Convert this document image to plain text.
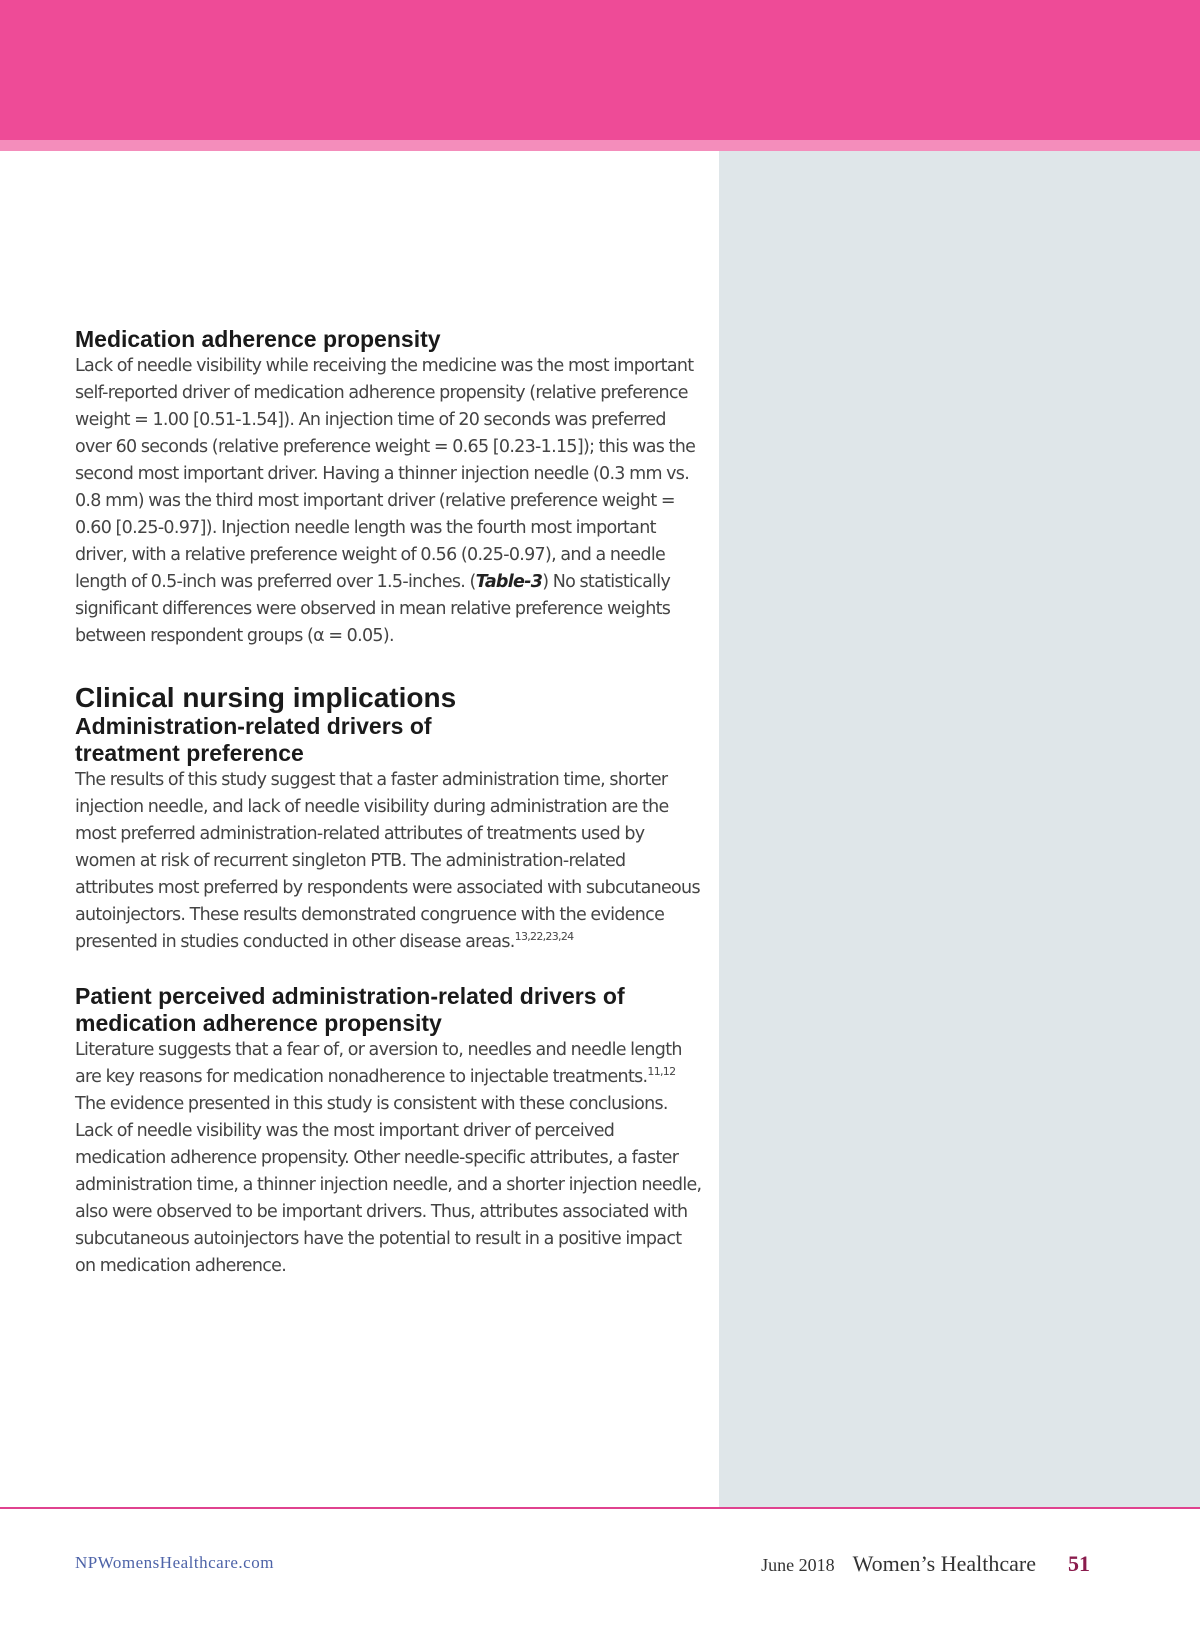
Medication adherence propensity

Lack of needle visibility while receiving the medicine was the most important self-reported driver of medication adherence propensity (relative preference weight = 1.00 [0.51-1.54]). An injection time of 20 seconds was preferred over 60 seconds (relative preference weight = 0.65 [0.23-1.15]); this was the second most important driver. Having a thinner injection needle (0.3 mm vs. 0.8 mm) was the third most important driver (relative preference weight = 0.60 [0.25-0.97]). Injection needle length was the fourth most important driver, with a relative preference weight of 0.56 (0.25-0.97), and a needle length of 0.5-inch was preferred over 1.5-inches. (Table-3) No statistically significant differences were observed in mean relative preference weights between respondent groups (α = 0.05).

Clinical nursing implications
Administration-related drivers of treatment preference

The results of this study suggest that a faster administration time, shorter injection needle, and lack of needle visibility during administration are the most preferred administration-related attributes of treatments used by women at risk of recurrent singleton PTB. The administration-related attributes most preferred by respondents were associated with subcutaneous autoinjectors. These results demonstrated congruence with the evidence presented in studies conducted in other disease areas.$^{13,22,23,24}$

Patient perceived administration-related drivers of medication adherence propensity

Literature suggests that a fear of, or aversion to, needles and needle length are key reasons for medication nonadherence to injectable treatments.$^{11,12}$ The evidence presented in this study is consistent with these conclusions. Lack of needle visibility was the most important driver of perceived medication adherence propensity. Other needle-specific attributes, a faster administration time, a thinner injection needle, and a shorter injection needle, also were observed to be important drivers. Thus, attributes associated with subcutaneous autoinjectors have the potential to result in a positive impact on medication adherence.

NPWomensHealthcare.com	June 2018 Women’s Healthcare 51
